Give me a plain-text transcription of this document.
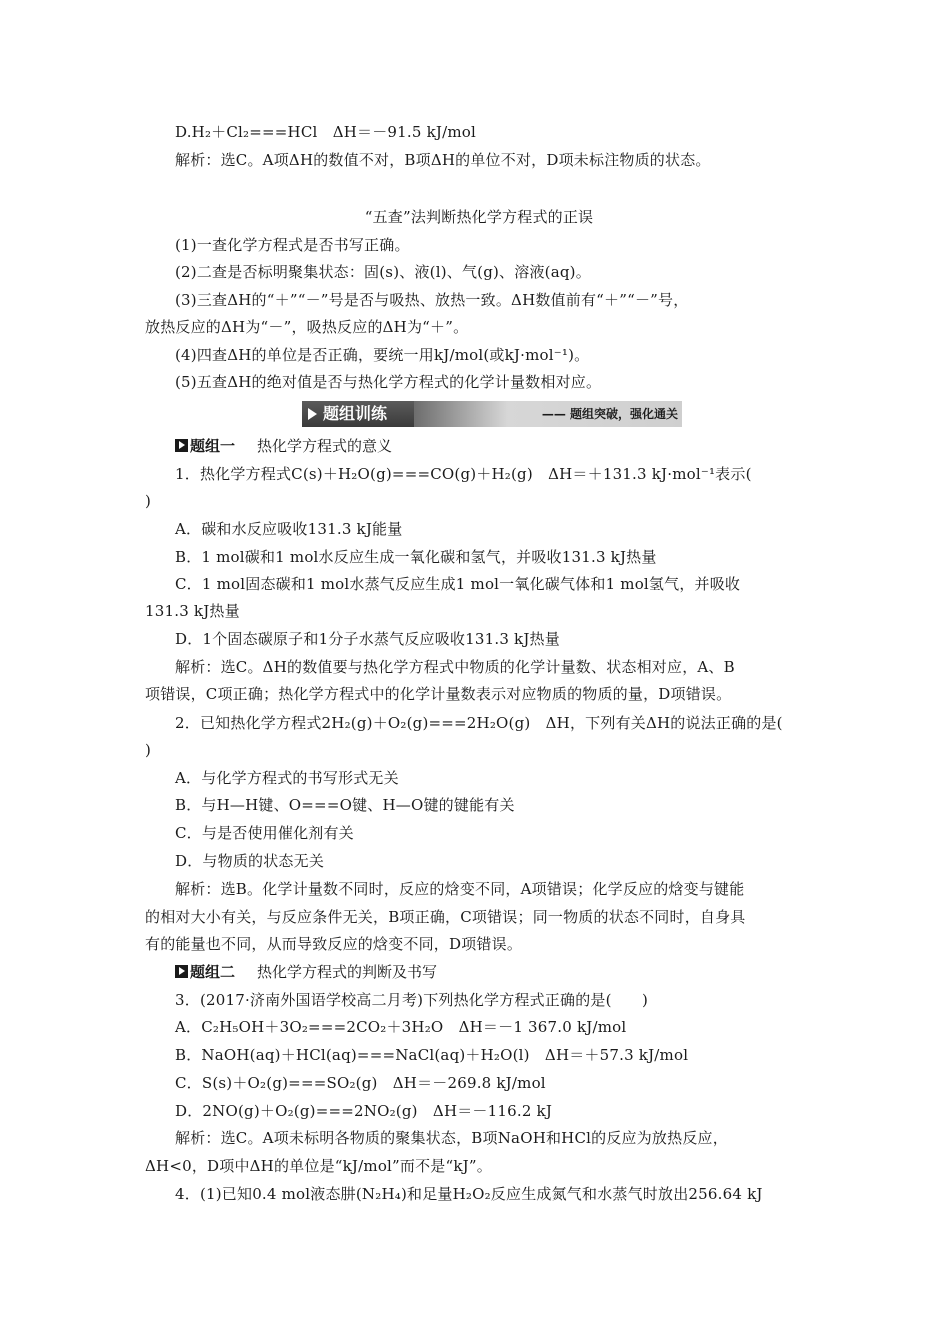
D.H₂＋Cl₂===HCl　ΔH＝－91.5 kJ/mol
解析：选C。A项ΔH的数值不对，B项ΔH的单位不对，D项未标注物质的状态。
“五查”法判断热化学方程式的正误
(1)一查化学方程式是否书写正确。
(2)二查是否标明聚集状态：固(s)、液(l)、气(g)、溶液(aq)。
(3)三查ΔH的“＋”“－”号是否与吸热、放热一致。ΔH数值前有“＋”“－”号，
放热反应的ΔH为“－”，吸热反应的ΔH为“＋”。
(4)四查ΔH的单位是否正确，要统一用kJ/mol(或kJ·mol⁻¹)。
(5)五查ΔH的绝对值是否与热化学方程式的化学计量数相对应。
题组训练	—— 题组突破，强化通关
题组一 热化学方程式的意义
1．热化学方程式C(s)＋H₂O(g)===CO(g)＋H₂(g)　ΔH＝＋131.3 kJ·mol⁻¹表示(
)
A．碳和水反应吸收131.3 kJ能量
B．1 mol碳和1 mol水反应生成一氧化碳和氢气，并吸收131.3 kJ热量
C．1 mol固态碳和1 mol水蒸气反应生成1 mol一氧化碳气体和1 mol氢气，并吸收
131.3 kJ热量
D．1个固态碳原子和1分子水蒸气反应吸收131.3 kJ热量
解析：选C。ΔH的数值要与热化学方程式中物质的化学计量数、状态相对应，A、B
项错误，C项正确；热化学方程式中的化学计量数表示对应物质的物质的量，D项错误。
2．已知热化学方程式2H₂(g)＋O₂(g)===2H₂O(g)　ΔH，下列有关ΔH的说法正确的是(
)
A．与化学方程式的书写形式无关
B．与H—H键、O===O键、H—O键的键能有关
C．与是否使用催化剂有关
D．与物质的状态无关
解析：选B。化学计量数不同时，反应的焓变不同，A项错误；化学反应的焓变与键能
的相对大小有关，与反应条件无关，B项正确，C项错误；同一物质的状态不同时，自身具
有的能量也不同，从而导致反应的焓变不同，D项错误。
题组二 热化学方程式的判断及书写
3．(2017·济南外国语学校高二月考)下列热化学方程式正确的是(　　)
A．C₂H₅OH＋3O₂===2CO₂＋3H₂O　ΔH＝－1 367.0 kJ/mol
B．NaOH(aq)＋HCl(aq)===NaCl(aq)＋H₂O(l)　ΔH＝＋57.3 kJ/mol
C．S(s)＋O₂(g)===SO₂(g)　ΔH＝－269.8 kJ/mol
D．2NO(g)＋O₂(g)===2NO₂(g)　ΔH＝－116.2 kJ
解析：选C。A项未标明各物质的聚集状态，B项NaOH和HCl的反应为放热反应，
ΔH<0，D项中ΔH的单位是“kJ/mol”而不是“kJ”。
4．(1)已知0.4 mol液态肼(N₂H₄)和足量H₂O₂反应生成氮气和水蒸气时放出256.64 kJ
